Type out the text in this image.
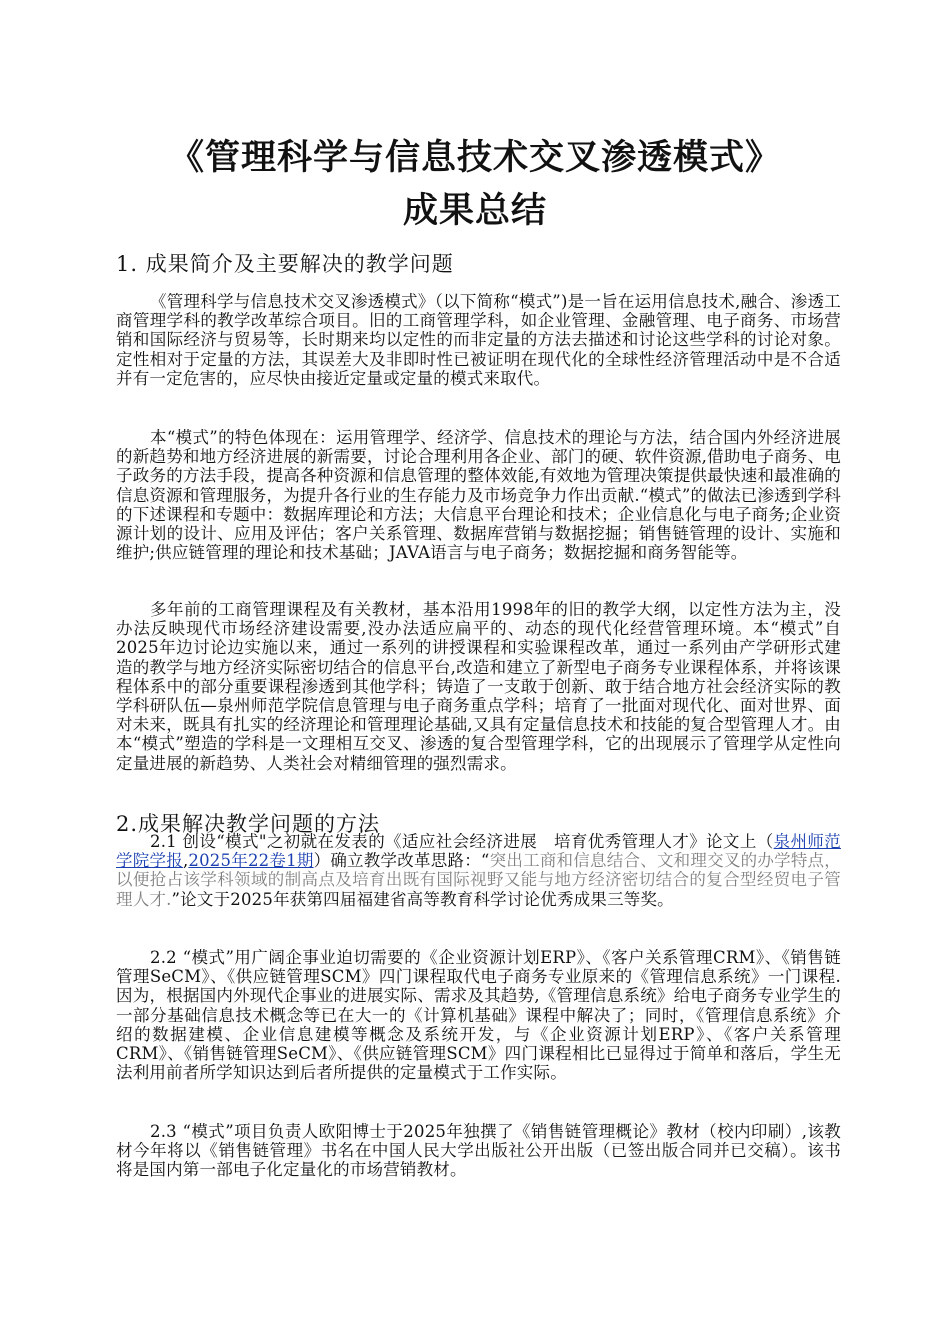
《管理科学与信息技术交叉渗透模式》
成果总结
1. 成果简介及主要解决的教学问题

《管理科学与信息技术交叉渗透模式》（以下简称“模式”)是一旨在运用信息技术,融合、渗透工商管理学科的教学改革综合项目。旧的工商管理学科，如企业管理、金融管理、电子商务、市场营销和国际经济与贸易等，长时期来均以定性的而非定量的方法去描述和讨论这些学科的讨论对象。定性相对于定量的方法，其误差大及非即时性已被证明在现代化的全球性经济管理活动中是不合适并有一定危害的，应尽快由接近定量或定量的模式来取代。

本“模式”的特色体现在：运用管理学、经济学、信息技术的理论与方法，结合国内外经济进展的新趋势和地方经济进展的新需要，讨论合理利用各企业、部门的硬、软件资源,借助电子商务、电子政务的方法手段，提高各种资源和信息管理的整体效能,有效地为管理决策提供最快速和最准确的信息资源和管理服务，为提升各行业的生存能力及市场竞争力作出贡献.“模式”的做法已渗透到学科的下述课程和专题中：数据库理论和方法；大信息平台理论和技术；企业信息化与电子商务;企业资源计划的设计、应用及评估；客户关系管理、数据库营销与数据挖掘；销售链管理的设计、实施和维护;供应链管理的理论和技术基础；JAVA语言与电子商务；数据挖掘和商务智能等。

多年前的工商管理课程及有关教材，基本沿用1998年的旧的教学大纲，以定性方法为主，没办法反映现代市场经济建设需要,没办法适应扁平的、动态的现代化经营管理环境。本“模式”自2025年边讨论边实施以来，通过一系列的讲授课程和实验课程改革，通过一系列由产学研形式建造的教学与地方经济实际密切结合的信息平台,改造和建立了新型电子商务专业课程体系，并将该课程体系中的部分重要课程渗透到其他学科；铸造了一支敢于创新、敢于结合地方社会经济实际的教学科研队伍—泉州师范学院信息管理与电子商务重点学科；培育了一批面对现代化、面对世界、面对未来，既具有扎实的经济理论和管理理论基础,又具有定量信息技术和技能的复合型管理人才。由本“模式”塑造的学科是一文理相互交叉、渗透的复合型管理学科，它的出现展示了管理学从定性向定量进展的新趋势、人类社会对精细管理的强烈需求。

2.成果解决教学问题的方法

2.1 创设“模式"之初就在发表的《适应社会经济进展　培育优秀管理人才》论文上（泉州师范学院学报,2025年22卷1期）确立教学改革思路：“突出工商和信息结合、文和理交叉的办学特点，以便抢占该学科领域的制高点及培育出既有国际视野又能与地方经济密切结合的复合型经贸电子管理人才.”论文于2025年获第四届福建省高等教育科学讨论优秀成果三等奖。

2.2 “模式”用广阔企事业迫切需要的《企业资源计划ERP》、《客户关系管理CRM》、《销售链管理SeCM》、《供应链管理SCM》四门课程取代电子商务专业原来的《管理信息系统》一门课程.因为，根据国内外现代企事业的进展实际、需求及其趋势,《管理信息系统》给电子商务专业学生的一部分基础信息技术概念等已在大一的《计算机基础》课程中解决了；同时，《管理信息系统》介绍的数据建模、企业信息建模等概念及系统开发，与《企业资源计划ERP》、《客户关系管理CRM》、《销售链管理SeCM》、《供应链管理SCM》四门课程相比已显得过于简单和落后，学生无法利用前者所学知识达到后者所提供的定量模式于工作实际。

2.3 “模式”项目负责人欧阳博士于2025年独撰了《销售链管理概论》教材（校内印刷）,该教材今年将以《销售链管理》书名在中国人民大学出版社公开出版（已签出版合同并已交稿）。该书将是国内第一部电子化定量化的市场营销教材。
